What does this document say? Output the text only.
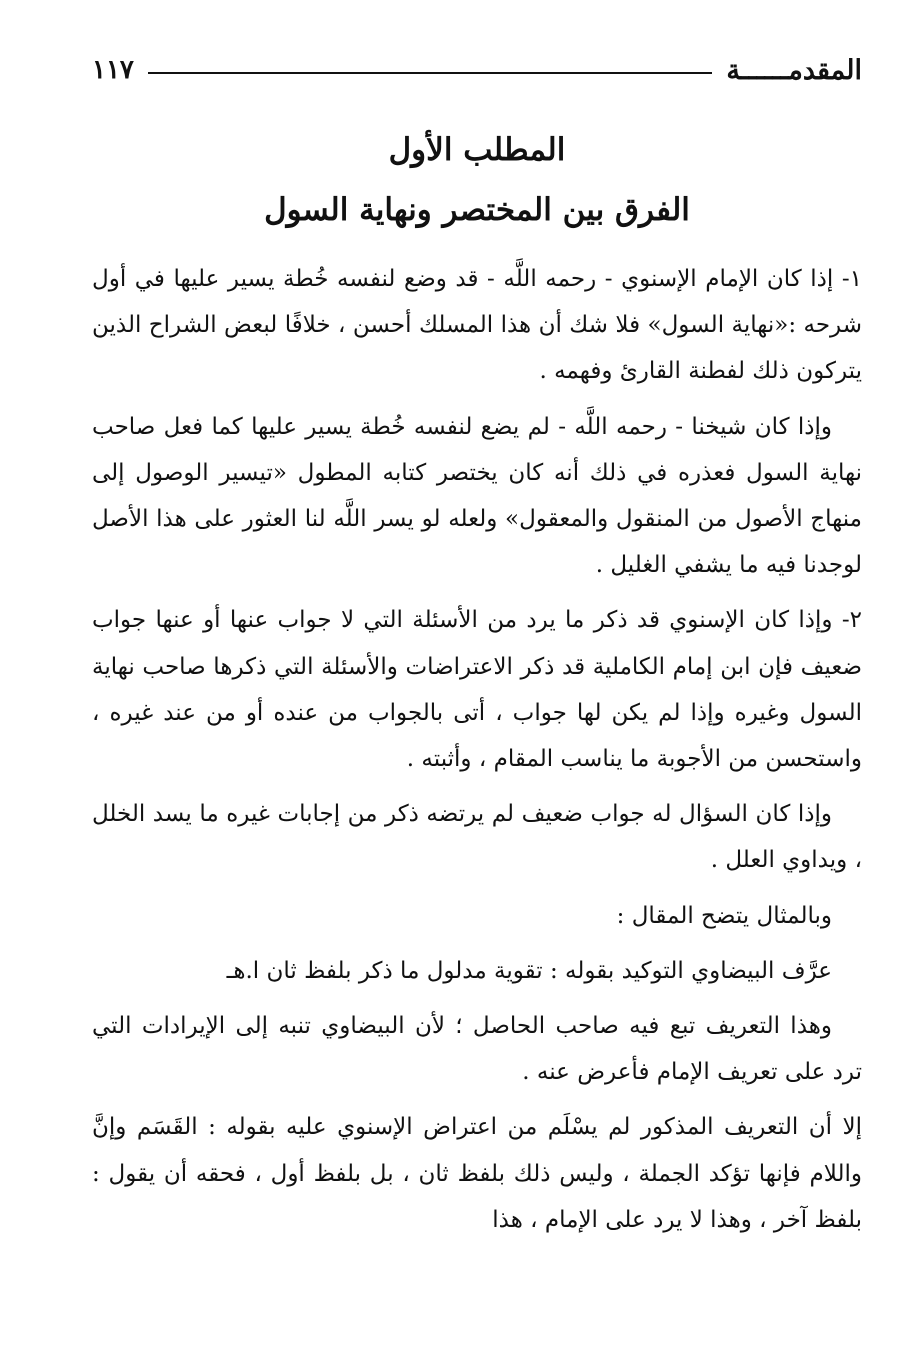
المقدمــــــة
١١٧
المطلب الأول
الفرق بين المختصر ونهاية السول

١- إذا كان الإمام الإسنوي - رحمه اللَّه - قد وضع لنفسه خُطة يسير عليها في أول شرحه :«نهاية السول» فلا شك أن هذا المسلك أحسن ، خلافًا لبعض الشراح الذين يتركون ذلك لفطنة القارئ وفهمه .

وإذا كان شيخنا - رحمه اللَّه - لم يضع لنفسه خُطة يسير عليها كما فعل صاحب نهاية السول فعذره في ذلك أنه كان يختصر كتابه المطول «تيسير الوصول إلى منهاج الأصول من المنقول والمعقول» ولعله لو يسر اللَّه لنا العثور على هذا الأصل لوجدنا فيه ما يشفي الغليل .

٢- وإذا كان الإسنوي قد ذكر ما يرد من الأسئلة التي لا جواب عنها أو عنها جواب ضعيف فإن ابن إمام الكاملية قد ذكر الاعتراضات والأسئلة التي ذكرها صاحب نهاية السول وغيره وإذا لم يكن لها جواب ، أتى بالجواب من عنده أو من عند غيره ، واستحسن من الأجوبة ما يناسب المقام ، وأثبته .

وإذا كان السؤال له جواب ضعيف لم يرتضه ذكر من إجابات غيره ما يسد الخلل ، ويداوي العلل .

وبالمثال يتضح المقال :

عرَّف البيضاوي التوكيد بقوله : تقوية مدلول ما ذكر بلفظ ثان ا.هـ

وهذا التعريف تبع فيه صاحب الحاصل ؛ لأن البيضاوي تنبه إلى الإيرادات التي ترد على تعريف الإمام فأعرض عنه .

إلا أن التعريف المذكور لم يسْلَم من اعتراض الإسنوي عليه بقوله : القَسَم وإنَّ واللام فإنها تؤكد الجملة ، وليس ذلك بلفظ ثان ، بل بلفظ أول ، فحقه أن يقول : بلفظ آخر ، وهذا لا يرد على الإمام ، هذا
